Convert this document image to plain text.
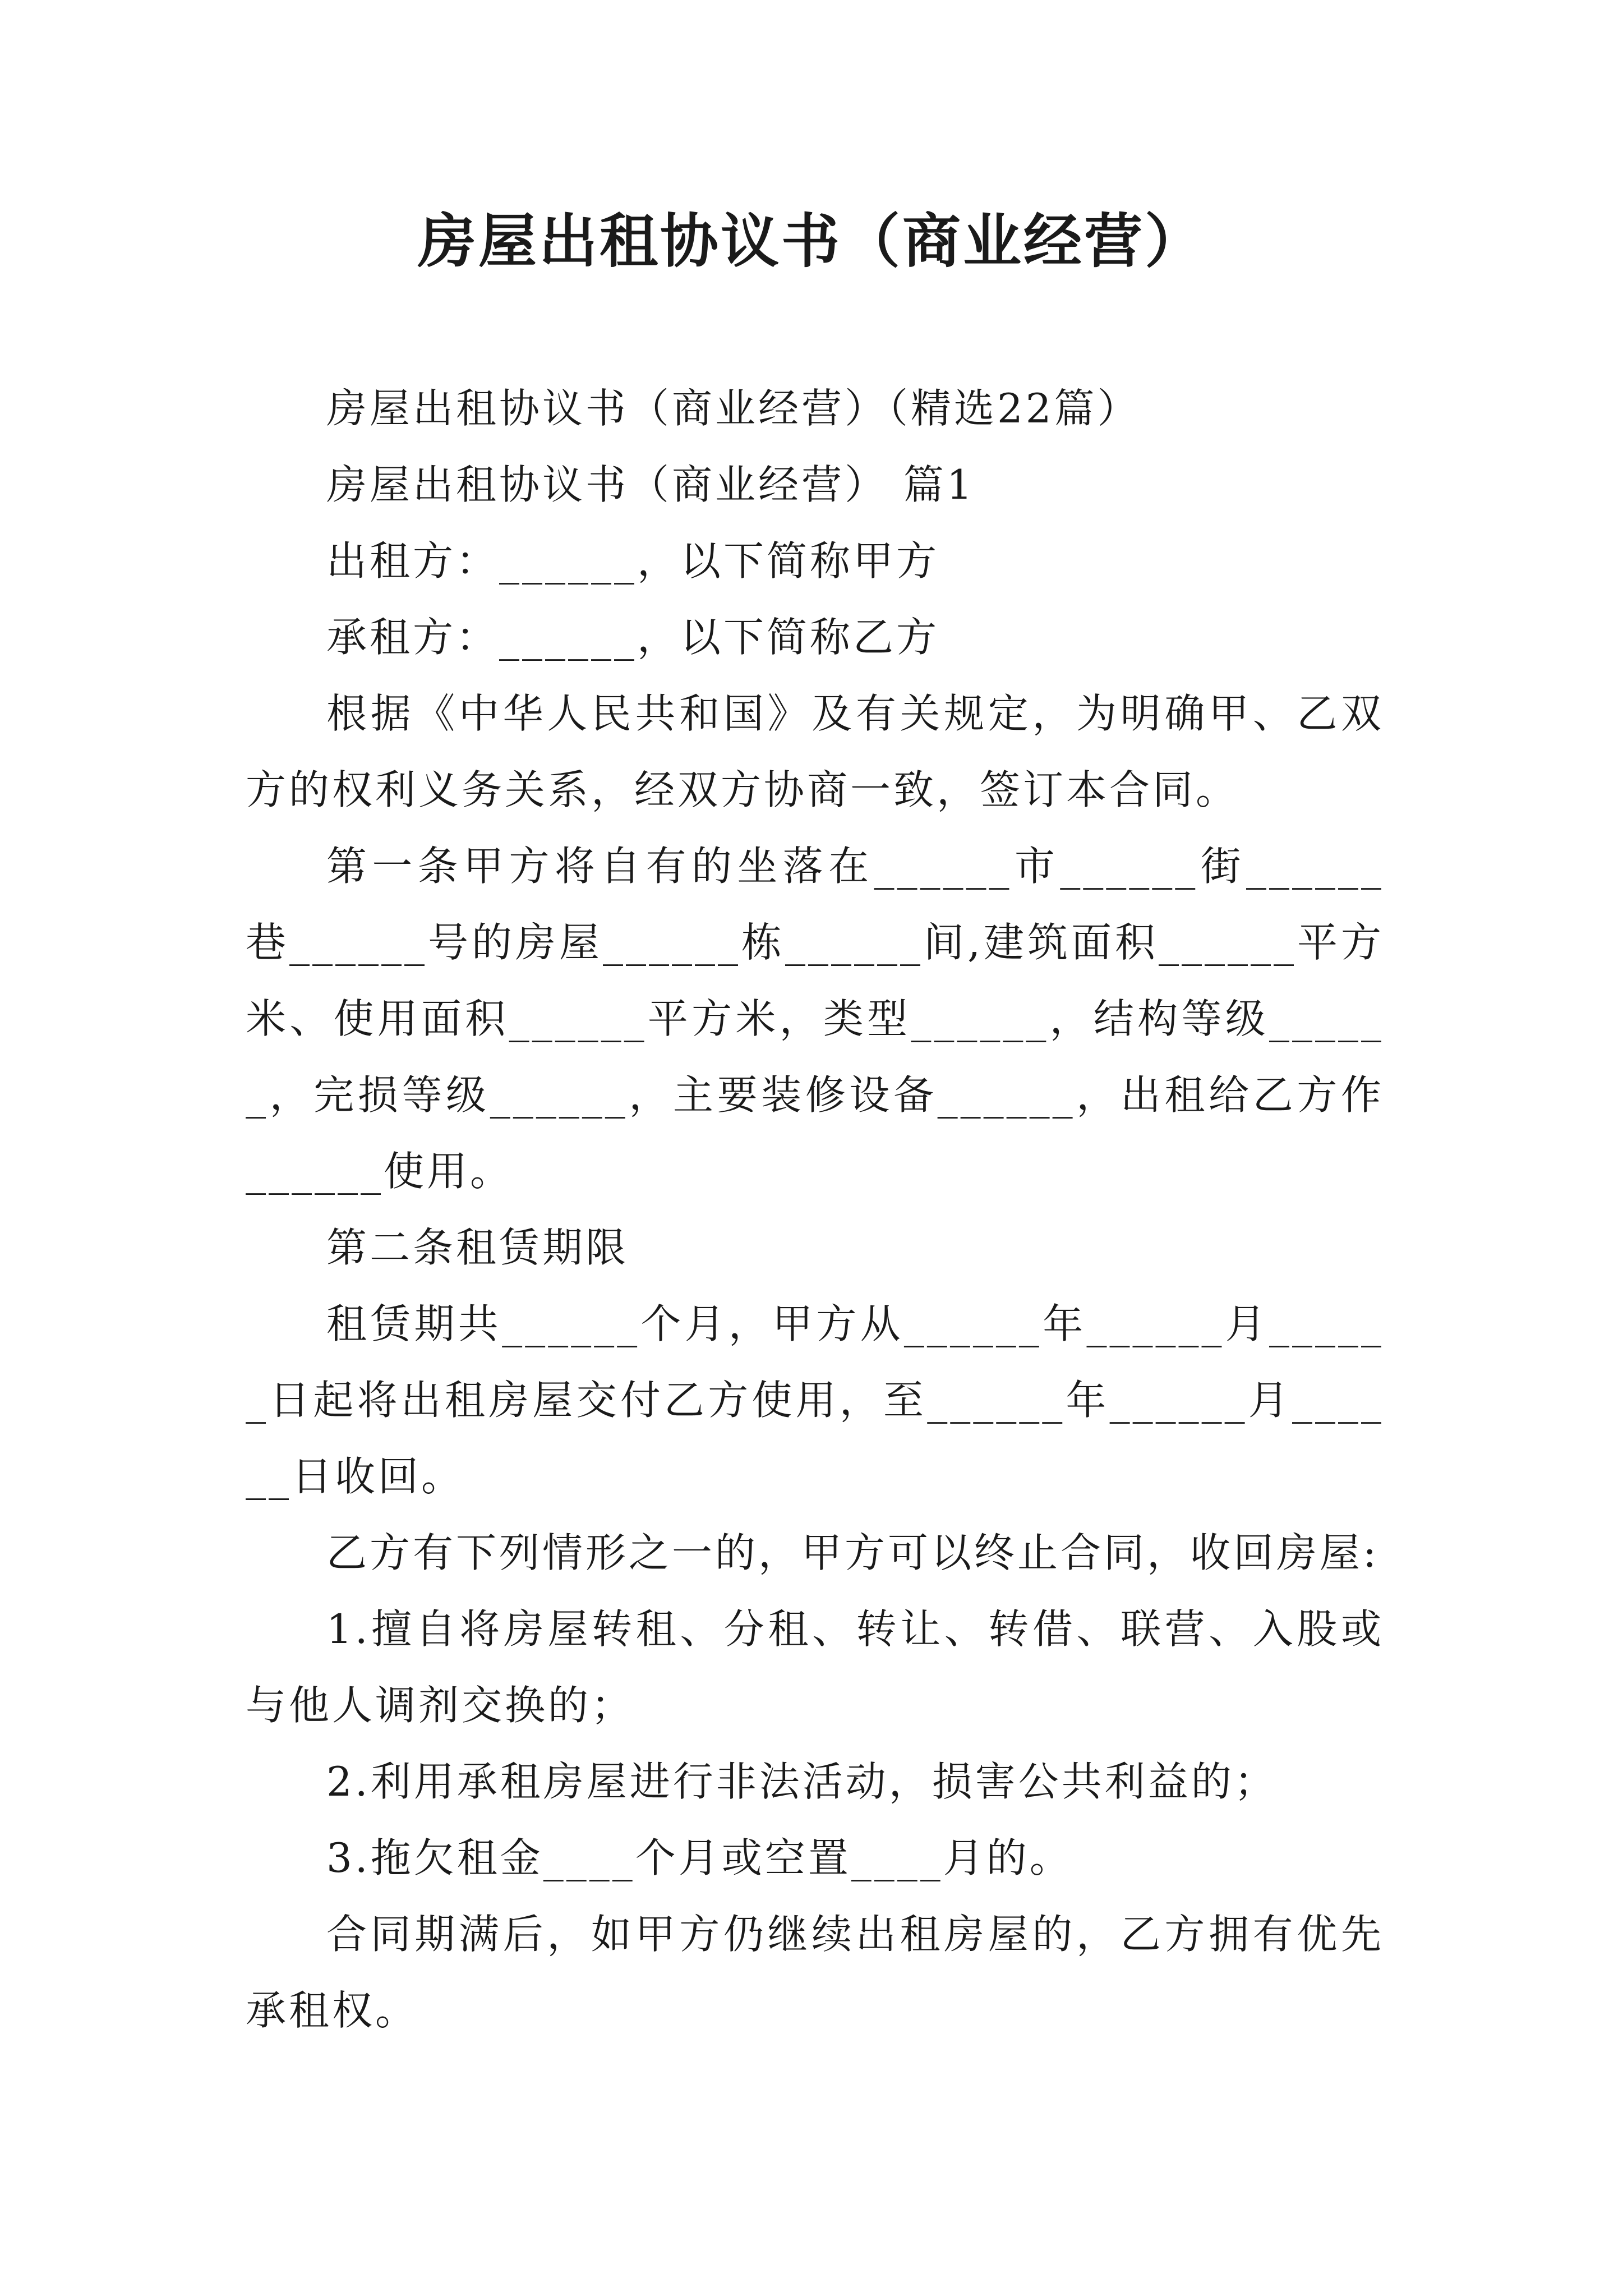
房屋出租协议书（商业经营）

房屋出租协议书（商业经营）（精选22篇）

房屋出租协议书（商业经营） 篇1

出租方：______，以下简称甲方

承租方：______，以下简称乙方

根据《中华人民共和国》及有关规定，为明确甲、乙双方的权利义务关系，经双方协商一致，签订本合同。

第一条甲方将自有的坐落在______市______街______巷______号的房屋______栋______间,建筑面积______平方米、使用面积______平方米，类型______，结构等级______，完损等级______，主要装修设备______，出租给乙方作______使用。

第二条租赁期限

租赁期共______个月，甲方从______年______月______日起将出租房屋交付乙方使用，至______年______月______日收回。

乙方有下列情形之一的，甲方可以终止合同，收回房屋:

1.擅自将房屋转租、分租、转让、转借、联营、入股或与他人调剂交换的；

2.利用承租房屋进行非法活动，损害公共利益的；

3.拖欠租金____个月或空置____月的。

合同期满后，如甲方仍继续出租房屋的，乙方拥有优先承租权。
